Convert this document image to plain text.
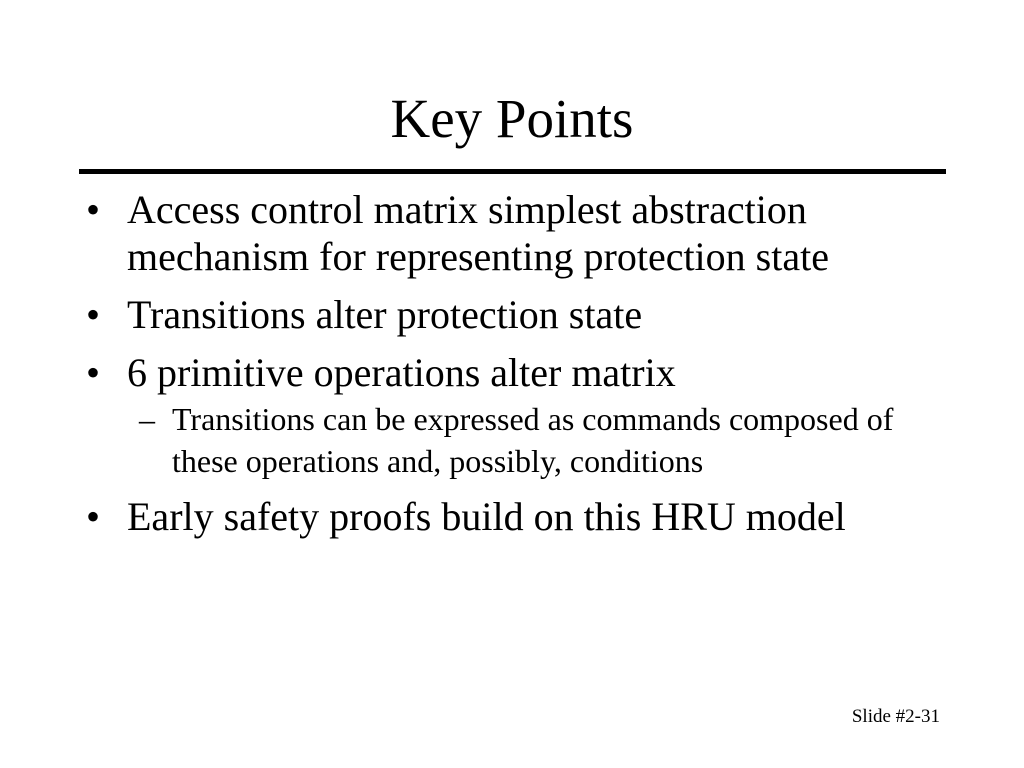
Key Points
• Access control matrix simplest abstraction mechanism for representing protection state
• Transitions alter protection state
• 6 primitive operations alter matrix
– Transitions can be expressed as commands composed of these operations and, possibly, conditions
• Early safety proofs build on this HRU model
Slide #2-31
